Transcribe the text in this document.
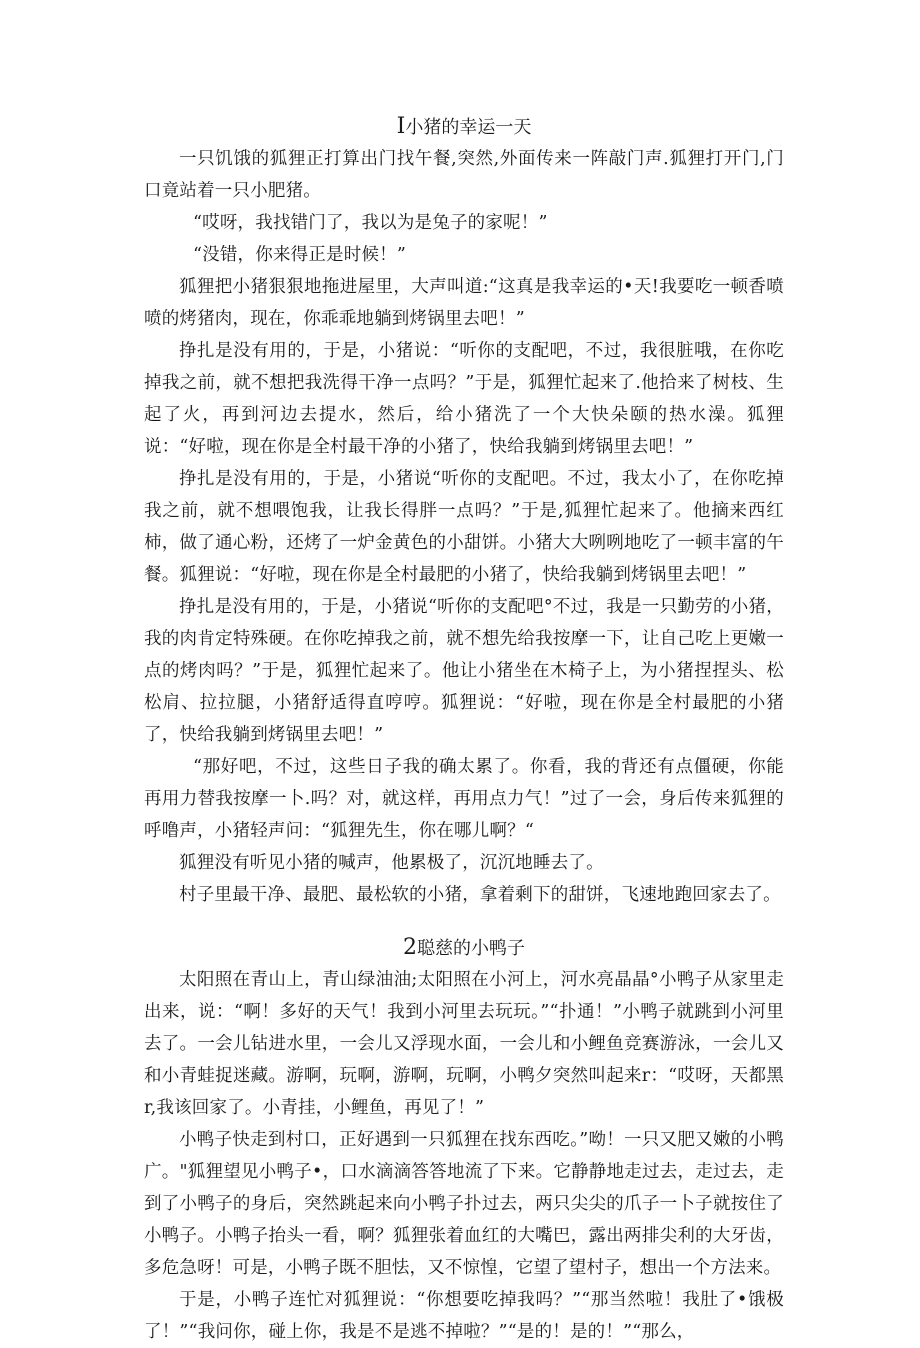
I小猪的幸运一天

一只饥饿的狐狸正打算出门找午餐,突然,外面传来一阵敲门声.狐狸打开门,门口竟站着一只小肥猪。

“哎呀，我找错门了，我以为是兔子的家呢！”

“没错，你来得正是时候！”

狐狸把小猪狠狠地拖进屋里，大声叫道:“这真是我幸运的•天!我要吃一顿香喷喷的烤猪肉，现在，你乖乖地躺到烤锅里去吧！”

挣扎是没有用的，于是，小猪说：“听你的支配吧，不过，我很脏哦，在你吃掉我之前，就不想把我洗得干净一点吗？”于是，狐狸忙起来了.他拾来了树枝、生起了火，再到河边去提水，然后，给小猪洗了一个大快朵颐的热水澡。狐狸说：“好啦，现在你是全村最干净的小猪了，快给我躺到烤锅里去吧！”

挣扎是没有用的，于是，小猪说“听你的支配吧。不过，我太小了，在你吃掉我之前，就不想喂饱我，让我长得胖一点吗？”于是,狐狸忙起来了。他摘来西红柿，做了通心粉，还烤了一炉金黄色的小甜饼。小猪大大咧咧地吃了一顿丰富的午餐。狐狸说：“好啦，现在你是全村最肥的小猪了，快给我躺到烤锅里去吧！”

挣扎是没有用的，于是，小猪说“听你的支配吧°不过，我是一只勤劳的小猪，我的肉肯定特殊硬。在你吃掉我之前，就不想先给我按摩一下，让自己吃上更嫩一点的烤肉吗？”于是，狐狸忙起来了。他让小猪坐在木椅子上，为小猪捏捏头、松松肩、拉拉腿，小猪舒适得直哼哼。狐狸说：“好啦，现在你是全村最肥的小猪了，快给我躺到烤锅里去吧！”

“那好吧，不过，这些日子我的确太累了。你看，我的背还有点僵硬，你能再用力替我按摩一卜.吗？对，就这样，再用点力气！”过了一会，身后传来狐狸的呼噜声，小猪轻声问：“狐狸先生，你在哪儿啊？“

狐狸没有听见小猪的喊声，他累极了，沉沉地睡去了。

村子里最干净、最肥、最松软的小猪，拿着剩下的甜饼，飞速地跑回家去了。

2聪慈的小鸭子

太阳照在青山上，青山绿油油;太阳照在小河上，河水亮晶晶°小鸭子从家里走出来，说：“啊！多好的天气！我到小河里去玩玩。”“扑通！”小鸭子就跳到小河里去了。一会儿钻进水里，一会儿又浮现水面，一会儿和小鲤鱼竞赛游泳，一会儿又和小青蛙捉迷藏。游啊，玩啊，游啊，玩啊，小鸭夕突然叫起来r：“哎呀，天都黑r,我该回家了。小青挂，小鲤鱼，再见了！”

小鸭子快走到村口，正好遇到一只狐狸在找东西吃。”呦！一只又肥又嫩的小鸭广。"狐狸望见小鸭子•，口水滴滴答答地流了下来。它静静地走过去，走过去，走到了小鸭子的身后，突然跳起来向小鸭子扑过去，两只尖尖的爪子一卜子就按住了小鸭子。小鸭子抬头一看，啊？狐狸张着血红的大嘴巴，露出两排尖利的大牙齿，多危急呀！可是，小鸭子既不胆怯，又不惊惶，它望了望村子，想出一个方法来。

于是，小鸭子连忙对狐狸说：“你想要吃掉我吗？”“那当然啦！我肚了•饿极了！”“我问你，碰上你，我是不是逃不掉啦？”“是的！是的！”“那么，
